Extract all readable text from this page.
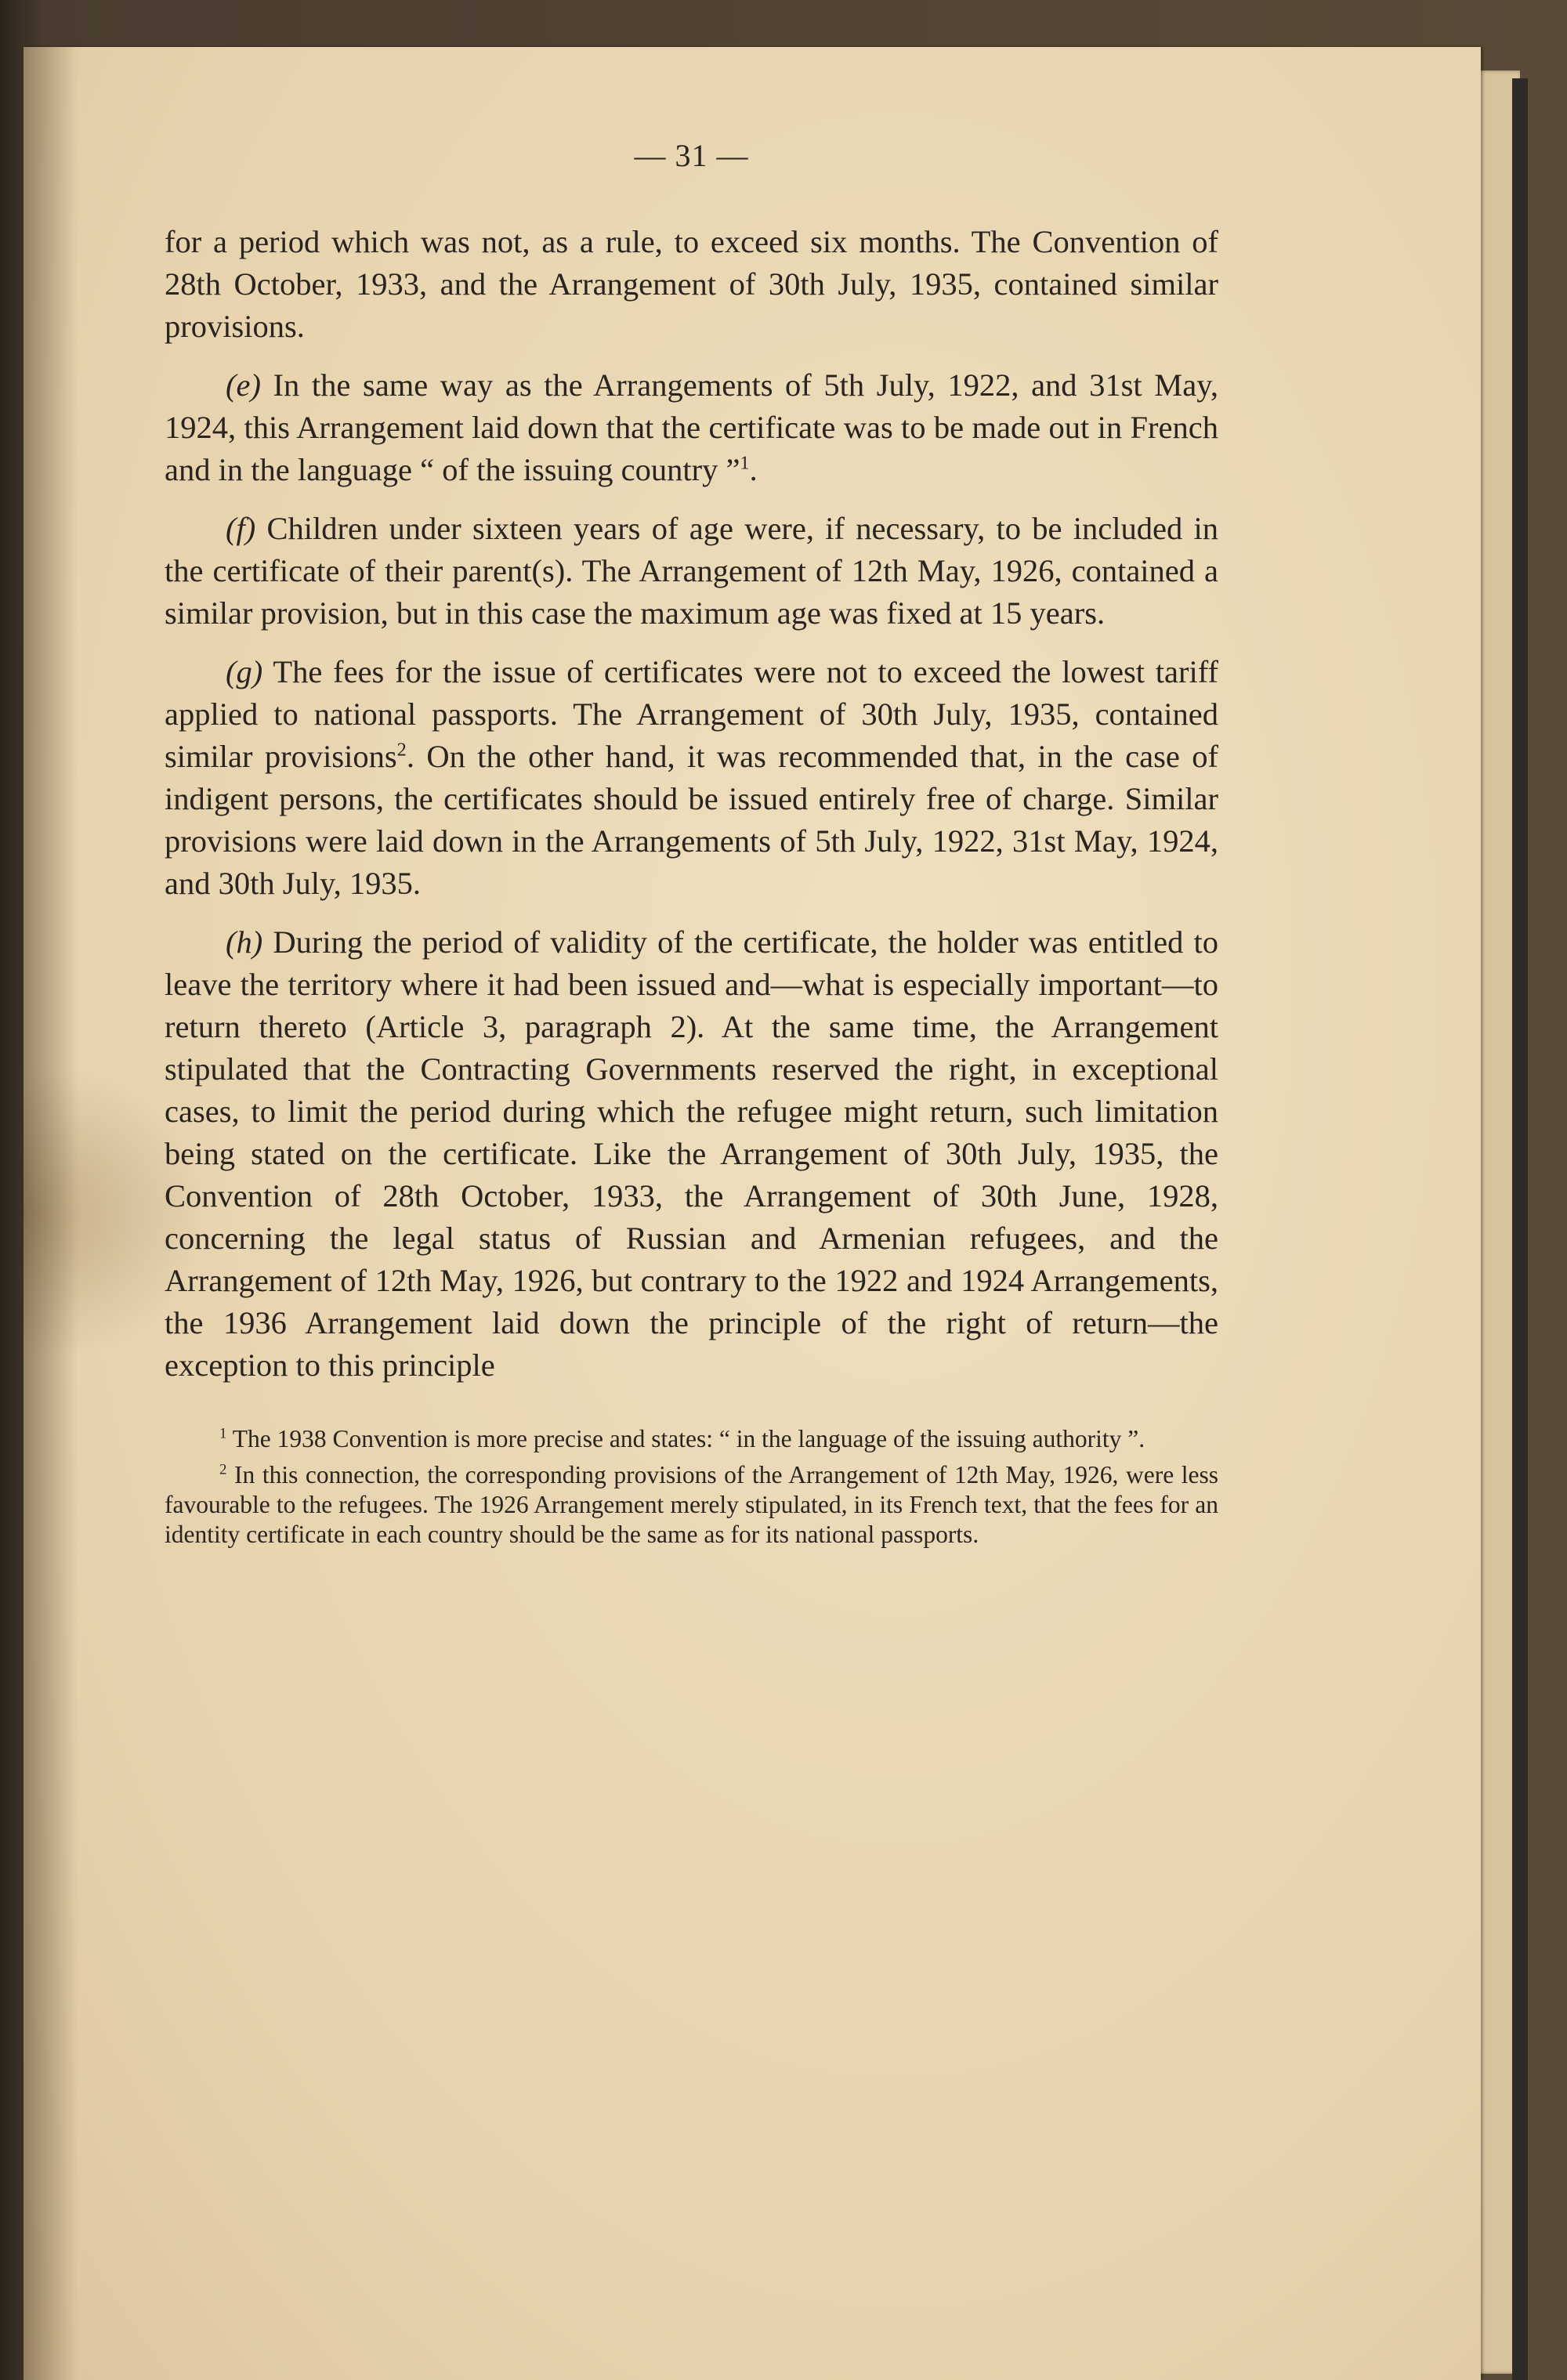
— 31 —

for a period which was not, as a rule, to exceed six months. The Convention of 28th October, 1933, and the Arrangement of 30th July, 1935, contained similar provisions.

(e) In the same way as the Arrangements of 5th July, 1922, and 31st May, 1924, this Arrangement laid down that the certificate was to be made out in French and in the language “ of the issuing country ”$^1$.

(f) Children under sixteen years of age were, if necessary, to be included in the certificate of their parent(s). The Arrangement of 12th May, 1926, contained a similar provision, but in this case the maximum age was fixed at 15 years.

(g) The fees for the issue of certificates were not to exceed the lowest tariff applied to national passports. The Arrangement of 30th July, 1935, contained similar provisions$^2$. On the other hand, it was recommended that, in the case of indigent persons, the certificates should be issued entirely free of charge. Similar provisions were laid down in the Arrangements of 5th July, 1922, 31st May, 1924, and 30th July, 1935.

(h) During the period of validity of the certificate, the holder was entitled to leave the territory where it had been issued and—what is especially important—to return thereto (Article 3, paragraph 2). At the same time, the Arrangement stipulated that the Contracting Governments reserved the right, in exceptional cases, to limit the period during which the refugee might return, such limitation being stated on the certificate. Like the Arrangement of 30th July, 1935, the Convention of 28th October, 1933, the Arrangement of 30th June, 1928, concerning the legal status of Russian and Armenian refugees, and the Arrangement of 12th May, 1926, but contrary to the 1922 and 1924 Arrangements, the 1936 Arrangement laid down the principle of the right of return—the exception to this principle

$^1$ The 1938 Convention is more precise and states: “ in the language of the issuing authority ”.

$^2$ In this connection, the corresponding provisions of the Arrangement of 12th May, 1926, were less favourable to the refugees. The 1926 Arrangement merely stipulated, in its French text, that the fees for an identity certificate in each country should be the same as for its national passports.
